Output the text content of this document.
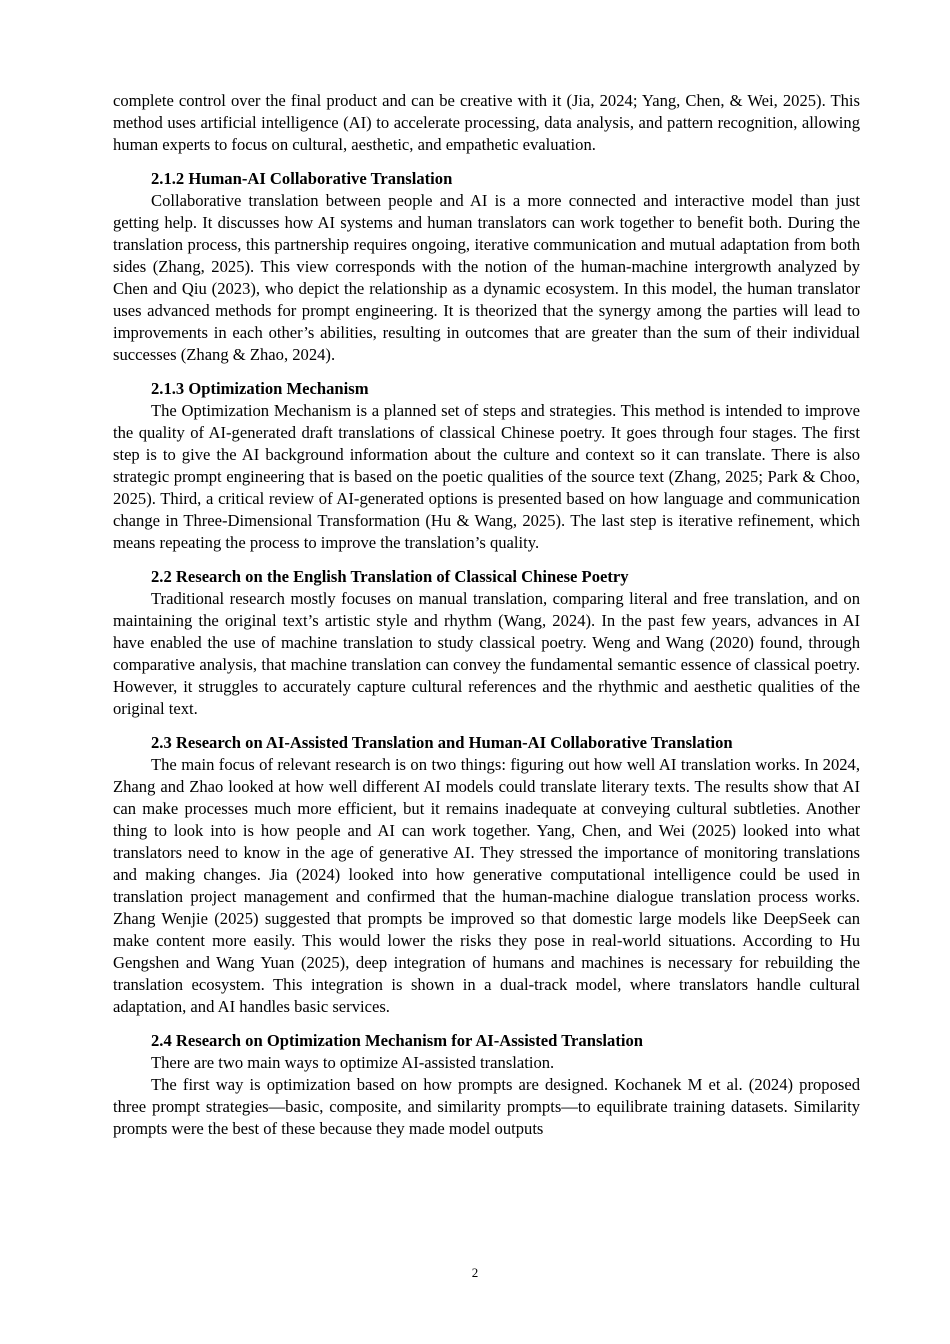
complete control over the final product and can be creative with it (Jia, 2024; Yang, Chen, & Wei, 2025). This method uses artificial intelligence (AI) to accelerate processing, data analysis, and pattern recognition, allowing human experts to focus on cultural, aesthetic, and empathetic evaluation.

2.1.2 Human-AI Collaborative Translation

Collaborative translation between people and AI is a more connected and interactive model than just getting help. It discusses how AI systems and human translators can work together to benefit both. During the translation process, this partnership requires ongoing, iterative communication and mutual adaptation from both sides (Zhang, 2025). This view corresponds with the notion of the human-machine intergrowth analyzed by Chen and Qiu (2023), who depict the relationship as a dynamic ecosystem. In this model, the human translator uses advanced methods for prompt engineering. It is theorized that the synergy among the parties will lead to improvements in each other’s abilities, resulting in outcomes that are greater than the sum of their individual successes (Zhang & Zhao, 2024).

2.1.3 Optimization Mechanism

The Optimization Mechanism is a planned set of steps and strategies. This method is intended to improve the quality of AI-generated draft translations of classical Chinese poetry. It goes through four stages. The first step is to give the AI background information about the culture and context so it can translate. There is also strategic prompt engineering that is based on the poetic qualities of the source text (Zhang, 2025; Park & Choo, 2025). Third, a critical review of AI-generated options is presented based on how language and communication change in Three-Dimensional Transformation (Hu & Wang, 2025). The last step is iterative refinement, which means repeating the process to improve the translation’s quality.

2.2 Research on the English Translation of Classical Chinese Poetry

Traditional research mostly focuses on manual translation, comparing literal and free translation, and on maintaining the original text’s artistic style and rhythm (Wang, 2024). In the past few years, advances in AI have enabled the use of machine translation to study classical poetry. Weng and Wang (2020) found, through comparative analysis, that machine translation can convey the fundamental semantic essence of classical poetry. However, it struggles to accurately capture cultural references and the rhythmic and aesthetic qualities of the original text.

2.3 Research on AI-Assisted Translation and Human-AI Collaborative Translation

The main focus of relevant research is on two things: figuring out how well AI translation works. In 2024, Zhang and Zhao looked at how well different AI models could translate literary texts. The results show that AI can make processes much more efficient, but it remains inadequate at conveying cultural subtleties. Another thing to look into is how people and AI can work together. Yang, Chen, and Wei (2025) looked into what translators need to know in the age of generative AI. They stressed the importance of monitoring translations and making changes. Jia (2024) looked into how generative computational intelligence could be used in translation project management and confirmed that the human-machine dialogue translation process works. Zhang Wenjie (2025) suggested that prompts be improved so that domestic large models like DeepSeek can make content more easily. This would lower the risks they pose in real-world situations. According to Hu Gengshen and Wang Yuan (2025), deep integration of humans and machines is necessary for rebuilding the translation ecosystem. This integration is shown in a dual-track model, where translators handle cultural adaptation, and AI handles basic services.

2.4 Research on Optimization Mechanism for AI-Assisted Translation

There are two main ways to optimize AI-assisted translation.

The first way is optimization based on how prompts are designed. Kochanek M et al. (2024) proposed three prompt strategies—basic, composite, and similarity prompts—to equilibrate training datasets. Similarity prompts were the best of these because they made model outputs

2
